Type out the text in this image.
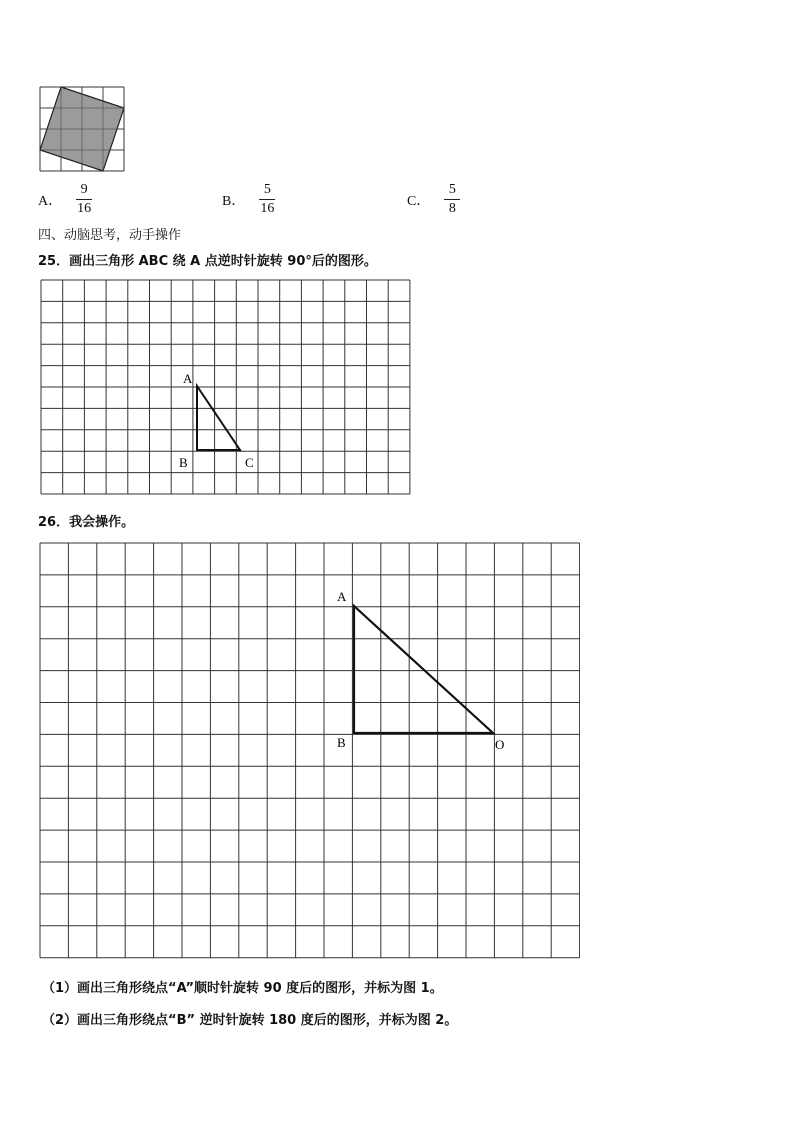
A． $\frac{9}{16}$	B． $\frac{5}{16}$	C． $\frac{5}{8}$
四、动脑思考，动手操作
25．画出三角形 ABC 绕 A 点逆时针旋转 90°后的图形。
A
B	C
26．我会操作。
A
B	O
（1）画出三角形绕点“A”顺时针旋转 90 度后的图形，并标为图 1。
（2）画出三角形绕点“B” 逆时针旋转 180 度后的图形，并标为图 2。
